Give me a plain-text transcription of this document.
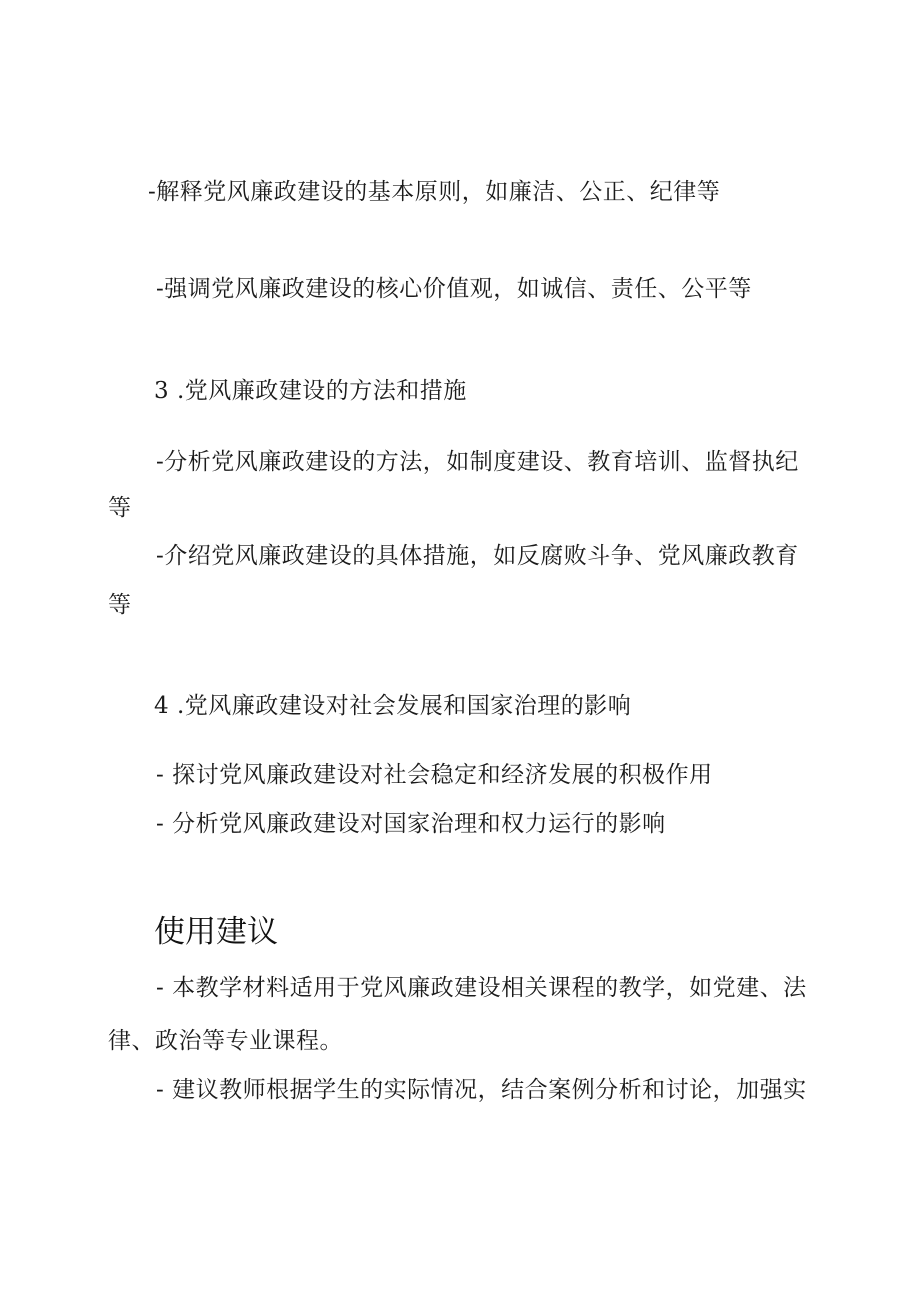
-解释党风廉政建设的基本原则，如廉洁、公正、纪律等
-强调党风廉政建设的核心价值观，如诚信、责任、公平等
3 .党风廉政建设的方法和措施
-分析党风廉政建设的方法，如制度建设、教育培训、监督执纪
等
-介绍党风廉政建设的具体措施，如反腐败斗争、党风廉政教育
等
4 .党风廉政建设对社会发展和国家治理的影响
- 探讨党风廉政建设对社会稳定和经济发展的积极作用
- 分析党风廉政建设对国家治理和权力运行的影响
使用建议
- 本教学材料适用于党风廉政建设相关课程的教学，如党建、法
律、政治等专业课程。
- 建议教师根据学生的实际情况，结合案例分析和讨论，加强实
